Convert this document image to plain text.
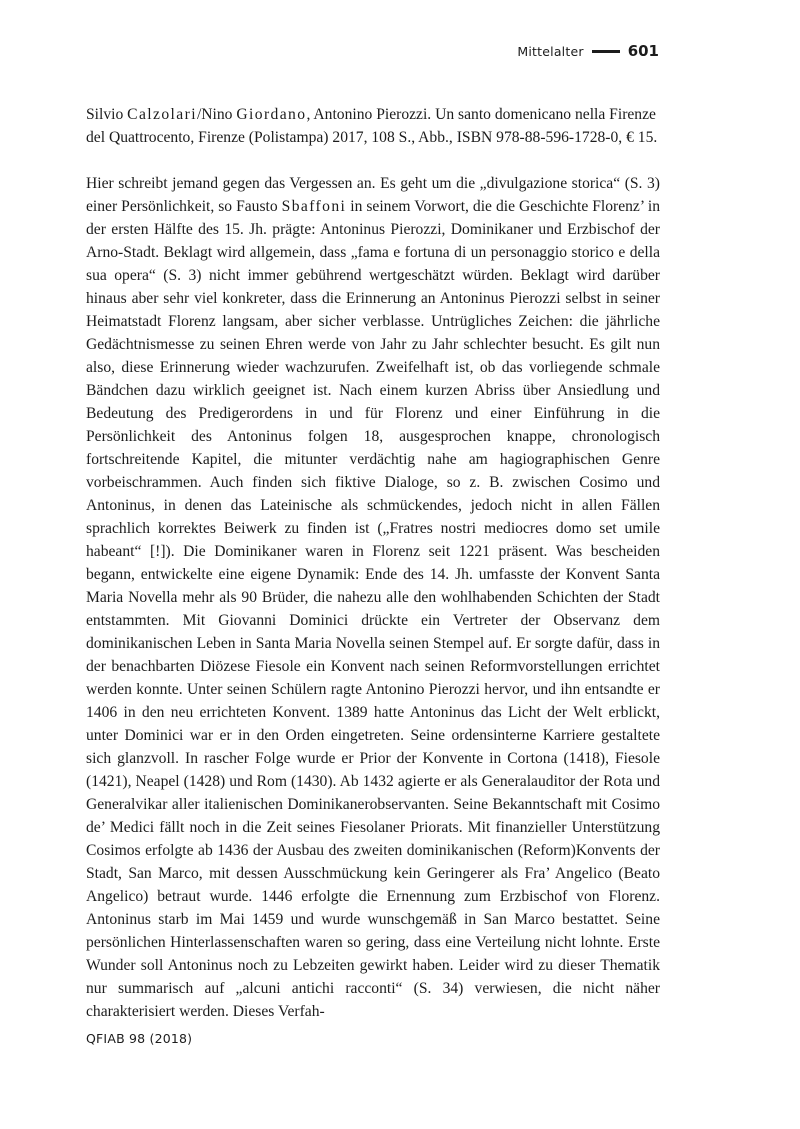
Mittelalter	601

Silvio Calzolari/Nino Giordano, Antonino Pierozzi. Un santo domenicano nella Firenze del Quattrocento, Firenze (Polistampa) 2017, 108 S., Abb., ISBN 978-88-596-1728-0, € 15.

Hier schreibt jemand gegen das Vergessen an. Es geht um die „divulgazione storica“ (S. 3) einer Persönlichkeit, so Fausto Sbaffoni in seinem Vorwort, die die Geschichte Florenz’ in der ersten Hälfte des 15. Jh. prägte: Antoninus Pierozzi, Dominikaner und Erzbischof der Arno-Stadt. Beklagt wird allgemein, dass „fama e fortuna di un personaggio storico e della sua opera“ (S. 3) nicht immer gebührend wertgeschätzt würden. Beklagt wird darüber hinaus aber sehr viel konkreter, dass die Erinnerung an Antoninus Pierozzi selbst in seiner Heimatstadt Florenz langsam, aber sicher verblasse. Untrügliches Zeichen: die jährliche Gedächtnismesse zu seinen Ehren werde von Jahr zu Jahr schlechter besucht. Es gilt nun also, diese Erinnerung wieder wachzurufen. Zweifelhaft ist, ob das vorliegende schmale Bändchen dazu wirklich geeignet ist. Nach einem kurzen Abriss über Ansiedlung und Bedeutung des Predigerordens in und für Florenz und einer Einführung in die Persönlichkeit des Antoninus folgen 18, ausgesprochen knappe, chronologisch fortschreitende Kapitel, die mitunter verdächtig nahe am hagiographischen Genre vorbeischrammen. Auch finden sich fiktive Dialoge, so z. B. zwischen Cosimo und Antoninus, in denen das Lateinische als schmückendes, jedoch nicht in allen Fällen sprachlich korrektes Beiwerk zu finden ist („Fratres nostri mediocres domo set umile habeant“ [!]). Die Dominikaner waren in Florenz seit 1221 präsent. Was bescheiden begann, entwickelte eine eigene Dynamik: Ende des 14. Jh. umfasste der Konvent Santa Maria Novella mehr als 90 Brüder, die nahezu alle den wohlhabenden Schichten der Stadt entstammten. Mit Giovanni Dominici drückte ein Vertreter der Observanz dem dominikanischen Leben in Santa Maria Novella seinen Stempel auf. Er sorgte dafür, dass in der benachbarten Diözese Fiesole ein Konvent nach seinen Reformvorstellungen errichtet werden konnte. Unter seinen Schülern ragte Antonino Pierozzi hervor, und ihn entsandte er 1406 in den neu errichteten Konvent. 1389 hatte Antoninus das Licht der Welt erblickt, unter Dominici war er in den Orden eingetreten. Seine ordensinterne Karriere gestaltete sich glanzvoll. In rascher Folge wurde er Prior der Konvente in Cortona (1418), Fiesole (1421), Neapel (1428) und Rom (1430). Ab 1432 agierte er als Generalauditor der Rota und Generalvikar aller italienischen Dominikanerobservanten. Seine Bekanntschaft mit Cosimo de’ Medici fällt noch in die Zeit seines Fiesolaner Priorats. Mit finanzieller Unterstützung Cosimos erfolgte ab 1436 der Ausbau des zweiten dominikanischen (Reform)Konvents der Stadt, San Marco, mit dessen Ausschmückung kein Geringerer als Fra’ Angelico (Beato Angelico) betraut wurde. 1446 erfolgte die Ernennung zum Erzbischof von Florenz. Antoninus starb im Mai 1459 und wurde wunschgemäß in San Marco bestattet. Seine persönlichen Hinterlassenschaften waren so gering, dass eine Verteilung nicht lohnte. Erste Wunder soll Antoninus noch zu Lebzeiten gewirkt haben. Leider wird zu dieser Thematik nur summarisch auf „alcuni antichi racconti“ (S. 34) verwiesen, die nicht näher charakterisiert werden. Dieses Verfah-

QFIAB 98 (2018)
